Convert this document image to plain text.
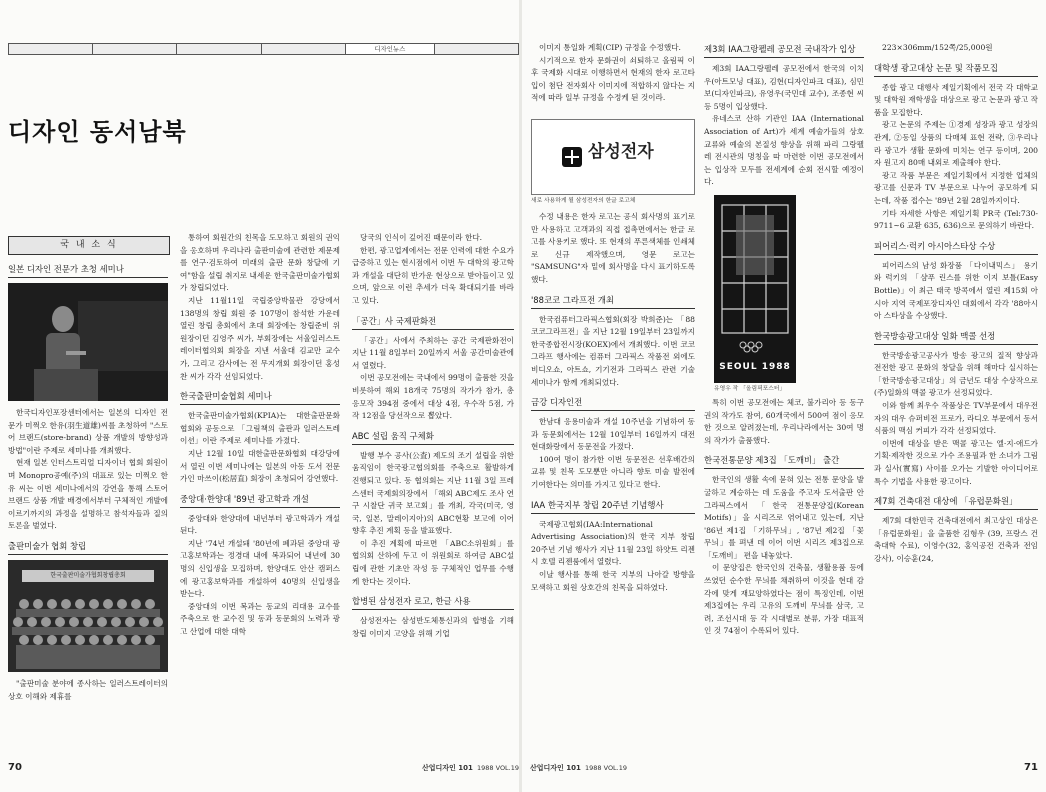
디자인뉴스
디자인 동서남북
국 내 소 식
일본 디자인 전문가 초청 세미나

한국디자인포장센터에서는 일본의 디자인 전문가 미쩍오 한유(羽生道雄)씨를 초청하여 "스토어 브랜드(store-brand) 상품 개발의 방향성과 방법"이란 주제로 세미나를 개최했다.

현재 일본 인터스트리얼 디자이너 협회 회원이며 Monopro공예(주)의 대표로 있는 미쩍오 한유 씨는 이번 세미나에서의 강연을 통해 스토어 브랜드 상품 개발 배경에서부터 구체적인 개발에 이르기까지의 과정을 설명하고 참석자들과 질의 토론을 벌였다.

출판미술가 협회 창립
한국출판미술가협회창립총회

"출판미술 분야에 종사하는 일러스트레이터의 상호 이해와 제휴를

통하여 회원간의 친목을 도모하고 회원의 권익을 옹호하며 우리나라 출판미술에 관련한 제문제를 연구·검토하여 미래의 출판 문화 창달에 기여"함을 설립 취지로 내세운 한국출판미술가협회가 창립되었다.

지난 11월11일 국립중앙박물관 강당에서 138명의 창립 회원 중 107명이 참석한 가운데 열린 창립 총회에서 초대 회장에는 창립준비 위원장이던 김영주 씨가, 부회장에는 서울일러스트레이터협의회 회장을 지낸 서울대 김교만 교수가, 그리고 감사에는 전 무지개회 회장이던 홍성찬 씨가 각각 선임되었다.

한국출판미술협회 세미나

한국출판미술가협회(KPIA)는 대한출판문화협회와 공동으로 「그림책의 출판과 일러스트레이션」이란 주제로 세미나를 가졌다.

지난 12월 10일 대한출판문화협회 대강당에서 열린 이번 세미나에는 일본의 아동 도서 전문가인 마쓰이(松居直) 회장이 초청되어 강연했다.

중앙대·한양대 '89년 광고학과 개설

중앙대와 한양대에 내년부터 광고학과가 개설된다.

지난 '74년 개설돼 '80년에 폐과된 중앙대 광고홍보학과는 정경대 내에 복과되어 내년에 30명의 신입생을 모집하며, 한양대도 안산 캠퍼스에 광고홍보학과를 개설하여 40명의 신입생을 받는다.

중앙대의 이번 복과는 동교의 리대용 교수를 주축으로 한 교수진 및 동과 동문회의 노력과 광고 산업에 대한 대학

당국의 인식이 깊어진 때문이라 한다.

한편, 광고업계에서는 전문 인력에 대한 수요가 급증하고 있는 현시점에서 이번 두 대학의 광고학과 개설을 대단히 반가운 현상으로 받아들이고 있으며, 앞으로 이런 추세가 더욱 확대되기를 바라고 있다.

「공간」사 국제판화전

「공간」사에서 주최하는 공간 국제판화전이 지난 11월 8일부터 20일까지 서울 공간미술관에서 열렸다.

이번 공모전에는 국내에서 99명이 출품한 것을 비롯하여 해외 18개국 75명의 작가가 참가, 총 응모작 394점 중에서 대상 4점, 우수작 5점, 가작 12점을 당선작으로 뽑았다.

ABC 설립 움직 구체화

발행 부수 공사(公査) 제도의 조기 설립을 위한 움직임이 한국광고협의회를 주축으로 활발하게 진행되고 있다. 동 협의회는 지난 11월 3일 프레스센터 국제회의장에서 「해외 ABC제도 조사 연구 시찰단 귀국 보고회」를 개최, 각국(미국, 영국, 일본, 말레이지아)의 ABC현황 보고에 이어 향후 추진 계획 등을 발표했다.

이 추진 계획에 따르면 「ABC소위원회」를 협의회 산하에 두고 이 위원회로 하여금 ABC설립에 관한 기초안 작성 등 구체적인 업무를 수행케 한다는 것이다.

합병된 삼성전자 로고, 한글 사용

삼성전자는 삼성반도체통신과의 합병을 기해 창립 이미지 고양을 위해 기업

70	산업디자인 101 1988 VOL.19

이미지 통일화 계획(CIP) 규정을 수정했다.

시기적으로 한자 문화권이 쇠퇴하고 올림픽 이후 국제화 시대로 이행하면서 현재의 한자 로고타입이 첨단 전자회사 이미지에 적합하지 않다는 지적에 따라 일부 규정을 수정케 된 것이라.

삼성전자
새로 사용하게 될 삼성전자의 한글 로고체

수정 내용은 한자 로고는 공식 회사명의 표기로만 사용하고 고객과의 직접 접촉면에서는 한글 로고를 사용키로 했다. 또 현재의 푸른색체를 인쇄체로 신규 제작했으며, 영문 로고는 "SAMSUNG"자 밑에 회사명을 다시 표기하도록 했다.

'88코코 그라프전 개최

한국컴퓨터그라픽스협회(회장 박희준)는 「88코코그라프전」을 지난 12월 19일부터 23일까지 한국종합전시장(KOEX)에서 개최했다. 이번 코코그라프 행사에는 컴퓨터 그라픽스 작품전 외에도 비디오쇼, 아트쇼, 기기전과 그라픽스 관련 기술 세미나가 함께 개최되었다.

금강 디자인전

한남대 응용미술과 개설 10주년을 기념하여 동과 동문회에서는 12월 10일부터 16일까지 대전 현대화랑에서 동문전을 가졌다.

100여 명이 참가한 이번 동문전은 선후배간의 교류 및 친목 도모뿐만 아니라 향토 미술 발전에 기여한다는 의미를 가지고 있다고 한다.

IAA 한국지부 창립 20주년 기념행사

국제광고협회(IAA:International Advertising Association)의 한국 지부 창립 20주년 기념 행사가 지난 11월 23일 하얏트 리젠시 호텔 리젠룸에서 열렸다.

이날 행사를 통해 한국 지부의 나아갈 방향을 모색하고 회원 상호간의 친목을 되하였다.

제3회 IAA그랑펠레 공모전 국내작가 입상

제3회 IAA그랑펠레 공모전에서 한국의 이치우(아트모닝 대표), 김현(디자인파크 대표), 심민보(디자인파크), 유영우(국민대 교수), 조종현 씨 등 5명이 입상했다.

유네스코 산하 기관인 IAA (International Association of Art)가 세계 예술가들의 상호 교류와 예술의 본질성 향상을 위해 파리 그랑펠레 전시관의 명칭을 따 마련한 이번 공모전에서는 입상작 모두를 전세계에 순회 전시할 예정이다.

SEOUL 1988
유영우 작 「올림픽포스터」

특히 이번 공모전에는 체코, 불가리아 등 동구권의 작가도 참여, 60개국에서 500여 점이 응모한 것으로 알려졌는데, 우리나라에서는 30여 명의 작가가 출품했다.

한국전통문양 제3집 「도깨비」 출간

한국인의 생활 속에 묻혀 있는 전통 문양을 발굴하고 계승하는 데 도움을 주고자 도서출판 안그라픽스에서 「한국 전통문양집(Korean Motifs)」을 시리즈로 엮어내고 있는데, 지난 '86년 제1집 「기하무늬」, '87년 제2집 「꽃 무늬」를 펴낸 데 이어 이번 시리즈 제3집으로 「도깨비」 편을 내놓았다.

이 문양집은 한국인의 건축물, 생활용품 등에 쓰였던 순수한 무늬를 채취하여 이것을 현대 감각에 맞게 재묘양하였다는 점이 특징인데, 이번 제3집에는 우리 고유의 도깨비 무늬를 삼국, 고려, 조선시대 등 각 시대별로 분류, 가장 대표적인 것 74점이 수록되어 있다.

223×306mm/152쪽/25,000원
대학생 광고대상 논문 및 작품모집

종합 광고 대행사 제일기획에서 전국 각 대학교 및 대학원 재학생을 대상으로 광고 논문과 광고 작품을 모집한다.

광고 논문의 주제는 ①경제 성장과 광고 성장의 관계, ②동일 상품의 다매체 표현 전략, ③우리나라 광고가 생활 문화에 미치는 연구 등이며, 200자 원고지 80매 내외로 제출해야 한다.

광고 작품 부문은 제일기획에서 지정한 업체의 광고를 신문과 TV 부문으로 나누어 공모하게 되는데, 작품 접수는 '89년 2월 28일까지이다.

기타 자세한 사항은 제일기획 PR국 (Tel:730-9711~6 교환 635, 636)으로 문의하기 바란다.

피어리스·럭키 아시아스타상 수상

피어리스의 남성 화장품 「다이내믹스」 용기와 럭키의 「샴푸 린스를 위한 이지 보틀(Easy Bottle)」이 최근 태국 방콕에서 열린 제15회 아시아 지역 국제포장디자인 대회에서 각각 '88아시아 스타상을 수상했다.

한국방송광고대상 일화 맥콜 선정

한국방송광고공사가 방송 광고의 질적 향상과 전전한 광고 문화의 창달을 위해 해마다 실시하는 「한국방송광고대상」의 금년도 대상 수상작으로 (주)일화의 맥콜 광고가 선정되었다.

이와 함께 최우수 작품상은 TV부문에서 대우전자의 대우 슈퍼비전 프로가, 라디오 부문에서 동서식품의 맥심 커피가 각각 선정되었다.

이번에 대상을 받은 맥콜 광고는 엘·지·애드가 기획·제작한 것으로 가수 조용필과 한 소녀가 그림과 실사(實寫) 사이를 오가는 기발한 아이디어로 특수 기법을 사용한 광고이다.

제7회 건축대전 대상에 「유럽문화원」

제7회 대한민국 건축대전에서 최고상인 대상은 「유럽문화원」을 출품한 김형우 (39, 프랑스 건축대학 수료), 이영수(32, 홍익공전 건축과 전임강사), 이승훈(24,

산업디자인 101 1988 VOL.19	71
